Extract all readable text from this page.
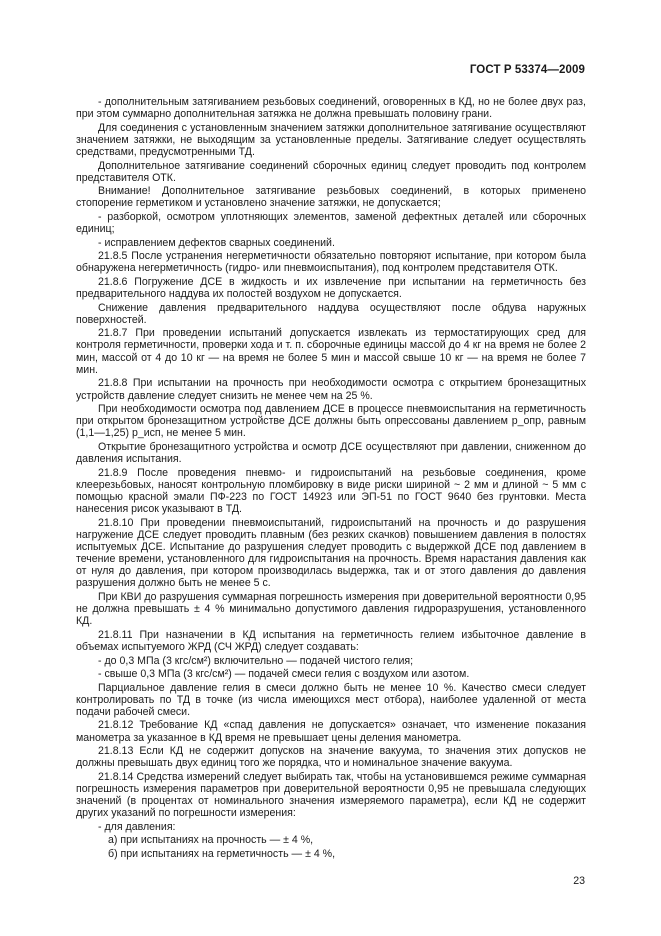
ГОСТ Р 53374—2009

- дополнительным затягиванием резьбовых соединений, оговоренных в КД, но не более двух раз, при этом суммарно дополнительная затяжка не должна превышать половину грани.

Для соединения с установленным значением затяжки дополнительное затягивание осуществляют значением затяжки, не выходящим за установленные пределы. Затягивание следует осуществлять средствами, предусмотренными ТД.

Дополнительное затягивание соединений сборочных единиц следует проводить под контролем представителя ОТК.

Внимание! Дополнительное затягивание резьбовых соединений, в которых применено стопорение герметиком и установлено значение затяжки, не допускается;

- разборкой, осмотром уплотняющих элементов, заменой дефектных деталей или сборочных единиц;

- исправлением дефектов сварных соединений.

21.8.5 После устранения негерметичности обязательно повторяют испытание, при котором была обнаружена негерметичность (гидро- или пневмоиспытания), под контролем представителя ОТК.

21.8.6 Погружение ДСЕ в жидкость и их извлечение при испытании на герметичность без предварительного наддува их полостей воздухом не допускается.

Снижение давления предварительного наддува осуществляют после обдува наружных поверхностей.

21.8.7 При проведении испытаний допускается извлекать из термостатирующих сред для контроля герметичности, проверки хода и т. п. сборочные единицы массой до 4 кг на время не более 2 мин, массой от 4 до 10 кг — на время не более 5 мин и массой свыше 10 кг — на время не более 7 мин.

21.8.8 При испытании на прочность при необходимости осмотра с открытием бронезащитных устройств давление следует снизить не менее чем на 25 %.

При необходимости осмотра под давлением ДСЕ в процессе пневмоиспытания на герметичность при открытом бронезащитном устройстве ДСЕ должны быть опрессованы давлением р_опр, равным (1,1—1,25) р_исп, не менее 5 мин.

Открытие бронезащитного устройства и осмотр ДСЕ осуществляют при давлении, сниженном до давления испытания.

21.8.9 После проведения пневмо- и гидроиспытаний на резьбовые соединения, кроме клеерезьбовых, наносят контрольную пломбировку в виде риски шириной ~ 2 мм и длиной ~ 5 мм с помощью красной эмали ПФ-223 по ГОСТ 14923 или ЭП-51 по ГОСТ 9640 без грунтовки. Места нанесения рисок указывают в ТД.

21.8.10 При проведении пневмоиспытаний, гидроиспытаний на прочность и до разрушения нагружение ДСЕ следует проводить плавным (без резких скачков) повышением давления в полостях испытуемых ДСЕ. Испытание до разрушения следует проводить с выдержкой ДСЕ под давлением в течение времени, установленного для гидроиспытания на прочность. Время нарастания давления как от нуля до давления, при котором производилась выдержка, так и от этого давления до давления разрушения должно быть не менее 5 с.

При КВИ до разрушения суммарная погрешность измерения при доверительной вероятности 0,95 не должна превышать ± 4 % минимально допустимого давления гидроразрушения, установленного КД.

21.8.11 При назначении в КД испытания на герметичность гелием избыточное давление в объемах испытуемого ЖРД (СЧ ЖРД) следует создавать:

- до 0,3 МПа (3 кгс/см²) включительно — подачей чистого гелия;

- свыше 0,3 МПа (3 кгс/см²) — подачей смеси гелия с воздухом или азотом.

Парциальное давление гелия в смеси должно быть не менее 10 %. Качество смеси следует контролировать по ТД в точке (из числа имеющихся мест отбора), наиболее удаленной от места подачи рабочей смеси.

21.8.12 Требование КД «спад давления не допускается» означает, что изменение показания манометра за указанное в КД время не превышает цены деления манометра.

21.8.13 Если КД не содержит допусков на значение вакуума, то значения этих допусков не должны превышать двух единиц того же порядка, что и номинальное значение вакуума.

21.8.14 Средства измерений следует выбирать так, чтобы на установившемся режиме суммарная погрешность измерения параметров при доверительной вероятности 0,95 не превышала следующих значений (в процентах от номинального значения измеряемого параметра), если КД не содержит других указаний по погрешности измерения:

- для давления:

а) при испытаниях на прочность — ± 4 %,

б) при испытаниях на герметичность — ± 4 %,

23
